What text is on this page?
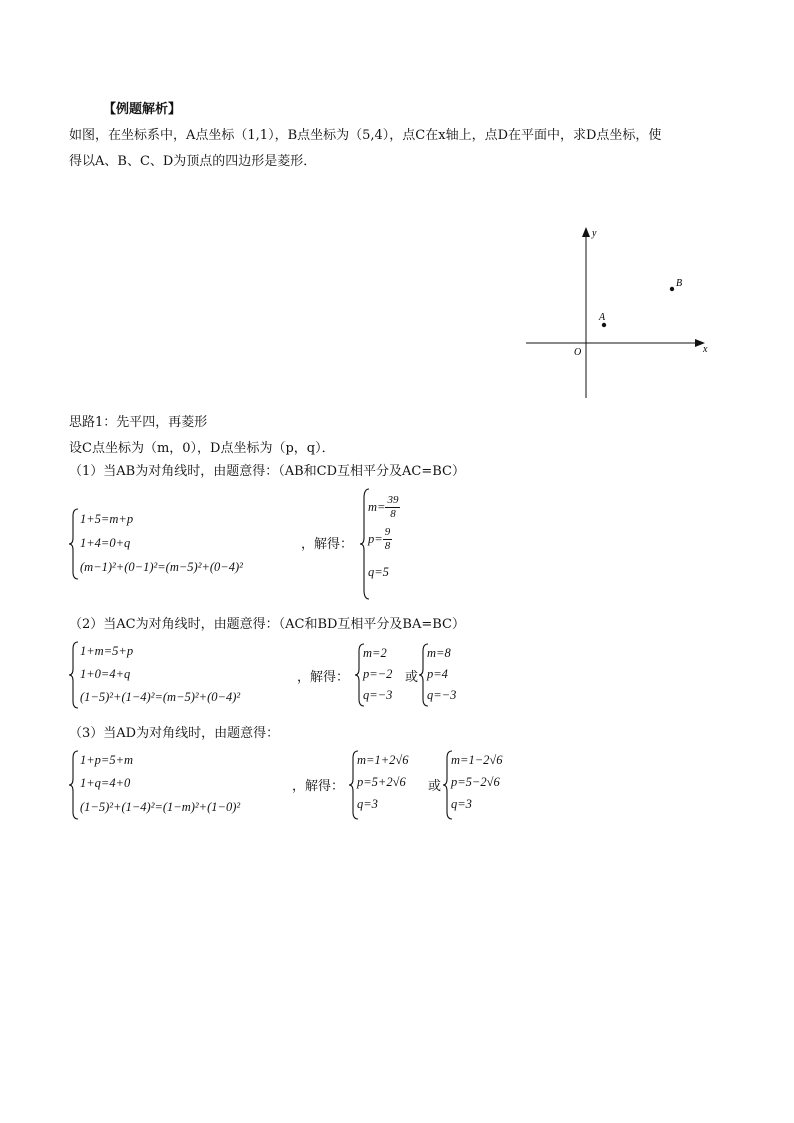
【例题解析】
如图，在坐标系中，A点坐标（1,1），B点坐标为（5,4），点C在x轴上，点D在平面中，求D点坐标，使
得以A、B、C、D为顶点的四边形是菱形．
y
x
O
A
B
思路1：先平四，再菱形
设C点坐标为（m，0），D点坐标为（p，q）．
（1）当AB为对角线时，由题意得：（AB和CD互相平分及AC=BC）
1+5=m+p
1+4=0+q
(m−1)²+(0−1)²=(m−5)²+(0−4)²
，解得：
$m= \frac{39}{8}$
$p= \frac{9}{8}$
q=5
（2）当AC为对角线时，由题意得：（AC和BD互相平分及BA=BC）
1+m=5+p
1+0=4+q
(1−5)²+(1−4)²=(m−5)²+(0−4)²
，解得：
m=2
p=−2
q=−3
或
m=8
p=4
q=−3
（3）当AD为对角线时，由题意得：
1+p=5+m
1+q=4+0
(1−5)²+(1−4)²=(1−m)²+(1−0)²
，解得：
m=1+2√6
p=5+2√6
q=3
或
m=1−2√6
p=5−2√6
q=3
